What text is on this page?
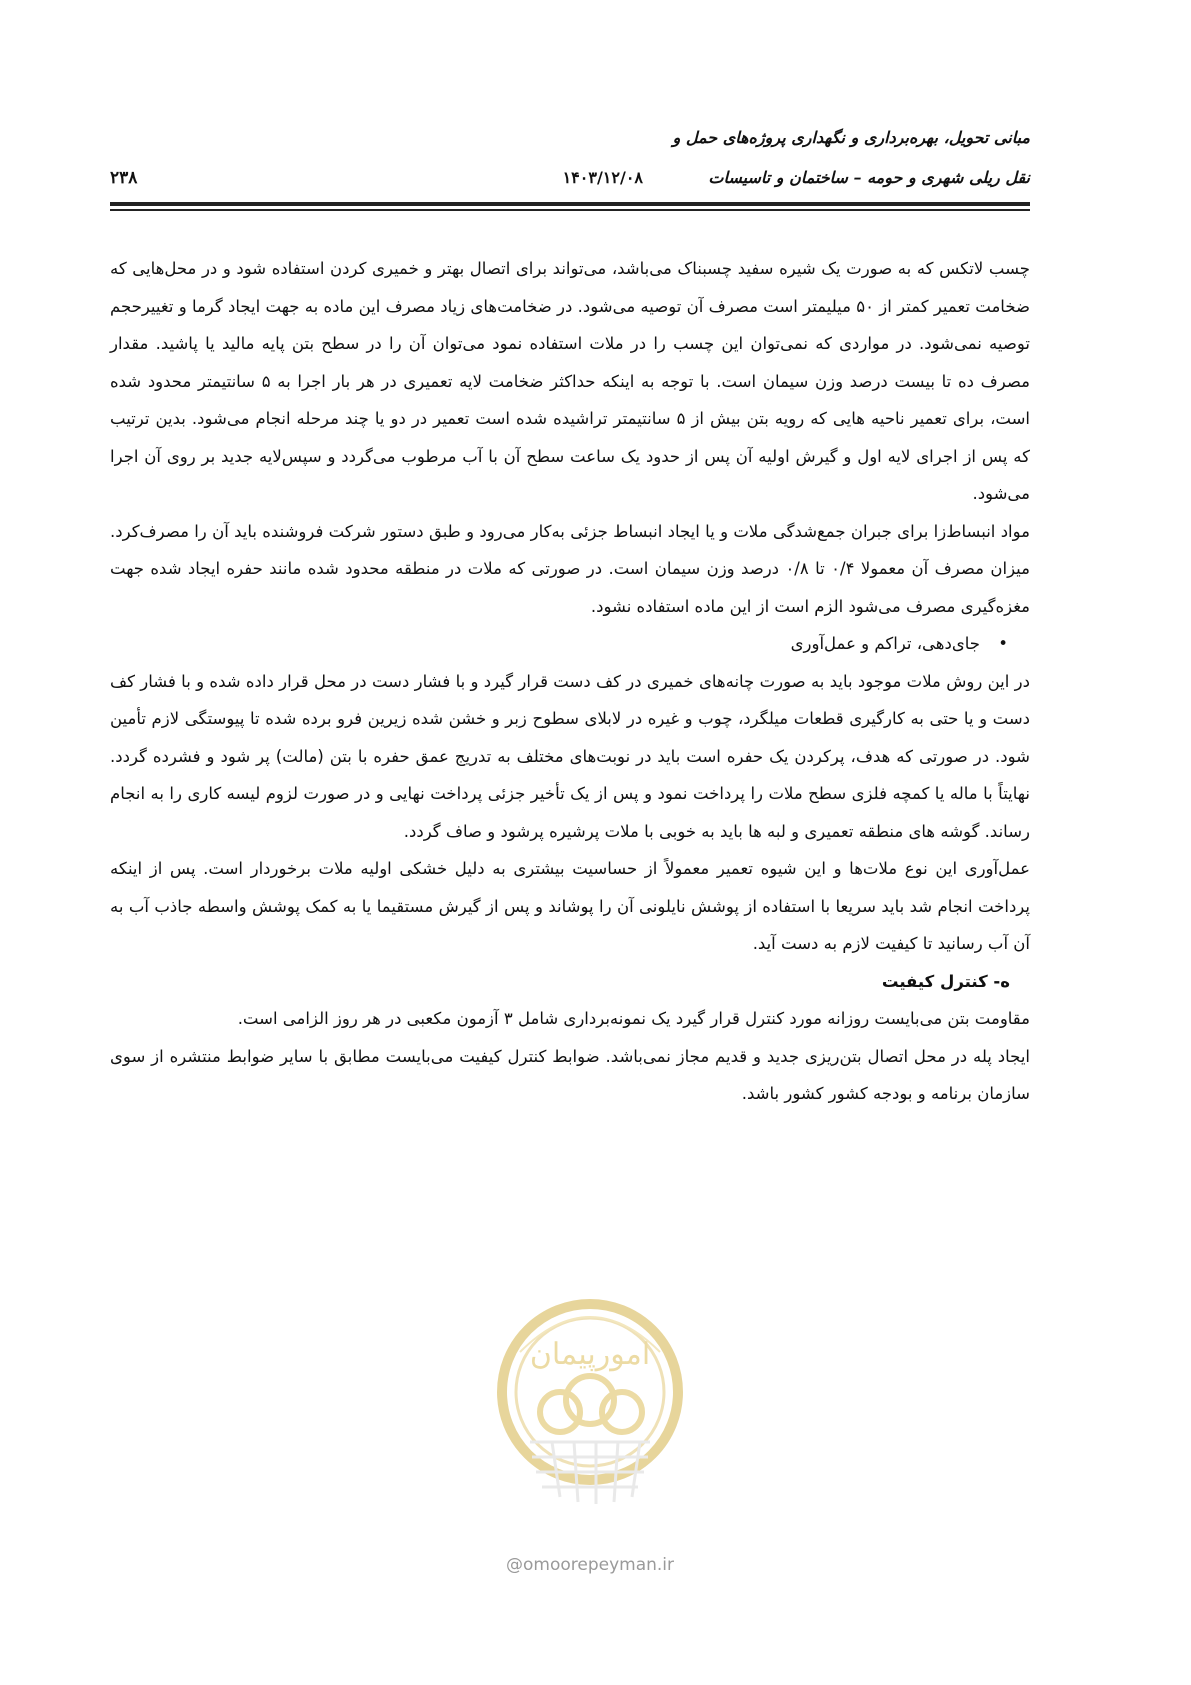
مبانی تحویل، بهره‌برداری و نگهداری پروژه‌های حمل و
نقل ریلی شهری و حومه – ساختمان و تاسیسات
۱۴۰۳/۱۲/۰۸
۲۳۸

چسب لاتکس که به صورت یک شیره سفید چسبناک می‌باشد، می‌تواند برای اتصال بهتر و خمیری کردن استفاده شود و در محل‌هایی که ضخامت تعمیر کمتر از ۵۰ میلیمتر است مصرف آن توصیه می‌شود. در ضخامت‌های زیاد مصرف این ماده به جهت ایجاد گرما و تغییرحجم توصیه نمی‌شود. در مواردی که نمی‌توان این چسب را در ملات استفاده نمود می‌توان آن را در سطح بتن پایه مالید یا پاشید. مقدار مصرف ده تا بیست درصد وزن سیمان است. با توجه به اینکه حداکثر ضخامت لایه تعمیری در هر بار اجرا به ۵ سانتیمتر محدود شده است، برای تعمیر ناحیه هایی که رویه بتن بیش از ۵ سانتیمتر تراشیده شده است تعمیر در دو یا چند مرحله انجام می‌شود. بدین ترتیب که پس از اجرای لایه اول و گیرش اولیه آن پس از حدود یک ساعت سطح آن با آب مرطوب می‌گردد و سپس‌لایه جدید بر روی آن اجرا می‌شود.

مواد انبساط‌زا برای جبران جمع‌شدگی ملات و یا ایجاد انبساط جزئی به‌کار می‌رود و طبق دستور شرکت فروشنده باید آن را مصرف‌کرد. میزان مصرف آن معمولا ۰/۴ تا ۰/۸ درصد وزن سیمان است. در صورتی که ملات در منطقه محدود شده مانند حفره ایجاد شده جهت مغزه‌گیری مصرف می‌شود الزم است از این ماده استفاده نشود.

•
جای‌دهی، تراکم و عمل‌آوری

در این روش ملات موجود باید به صورت چانه‌های خمیری در کف دست قرار گیرد و با فشار دست در محل قرار داده شده و با فشار کف دست و یا حتی به کارگیری قطعات میلگرد، چوب و غیره در لابلای سطوح زبر و خشن شده زیرین فرو برده شده تا پیوستگی لازم تأمین شود. در صورتی که هدف، پرکردن یک حفره است باید در نوبت‌های مختلف به تدریج عمق حفره با بتن (مالت) پر شود و فشرده گردد. نهایتاً با ماله یا کمچه فلزی سطح ملات را پرداخت نمود و پس از یک تأخیر جزئی پرداخت نهایی و در صورت لزوم لیسه کاری را به انجام رساند. گوشه های منطقه تعمیری و لبه ها باید به خوبی با ملات پرشیره پرشود و صاف گردد.

عمل‌آوری این نوع ملات‌ها و این شیوه تعمیر معمولاً از حساسیت بیشتری به دلیل خشکی اولیه ملات برخوردار است. پس از اینکه پرداخت انجام شد باید سریعا با استفاده از پوشش نایلونی آن را پوشاند و پس از گیرش مستقیما یا به کمک پوشش واسطه جاذب آب به آن آب رسانید تا کیفیت لازم به دست آید.

ه- کنترل کیفیت

مقاومت بتن می‌بایست روزانه مورد کنترل قرار گیرد یک نمونه‌برداری شامل ۳ آزمون مکعبی در هر روز الزامی است.

ایجاد پله در محل اتصال بتن‌ریزی جدید و قدیم مجاز نمی‌باشد. ضوابط کنترل کیفیت می‌بایست مطابق با سایر ضوابط منتشره از سوی سازمان برنامه و بودجه کشور کشور باشد.

امورپیمان
@omoorepeyman.ir
